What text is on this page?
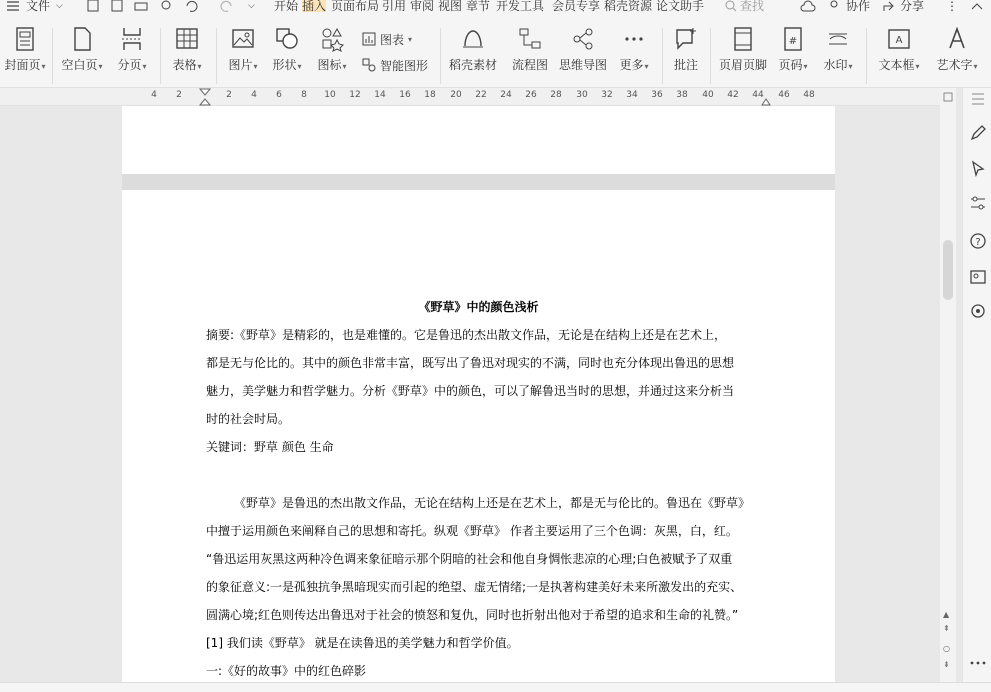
文件 ⌵	⌵ 开始 插入 页面布局 引用 审阅 视图 章节 开发工具 会员专享 稻壳资源 论文助手	查找	协作 分享 ⋮
封面页▾ 空白页▾ 分页▾	表格▾	图片▾	形状▾	图标▾
图表 ▾
智能图形 稻壳素材	流程图 思维导图	更多▾	批注	页眉页脚
#
页码▾	水印▾
A
文本框▾	艺术字▾
4 2	2 4 6 8 10 12 14 16 18 20 22 24 26 28 30 32 34 36 38 40 42 44 46 48
《野草》中的颜色浅析
摘要:《野草》是精彩的，也是难懂的。它是鲁迅的杰出散文作品，无论是在结构上还是在艺术上，
都是无与伦比的。其中的颜色非常丰富，既写出了鲁迅对现实的不满，同时也充分体现出鲁迅的思想
魅力，美学魅力和哲学魅力。分析《野草》中的颜色，可以了解鲁迅当时的思想，并通过这来分析当
时的社会时局。
关键词：野草 颜色 生命
《野草》是鲁迅的杰出散文作品，无论在结构上还是在艺术上，都是无与伦比的。鲁迅在《野草》
中擅于运用颜色来阐释自己的思想和寄托。纵观《野草》 作者主要运用了三个色调：灰黑，白，红。
“鲁迅运用灰黑这两种冷色调来象征暗示那个阴暗的社会和他自身惆怅悲凉的心理;白色被赋予了双重
的象征意义:一是孤独抗争黑暗现实而引起的绝望、虚无情绪;一是执著构建美好未来所激发出的充实、
圆满心境;红色则传达出鲁迅对于社会的愤怒和复仇，同时也折射出他对于希望的追求和生命的礼赞。”
[1] 我们读《野草》 就是在读鲁迅的美学魅力和哲学价值。
一:《好的故事》中的红色碎影
▲
⇞
○
⇟
?
